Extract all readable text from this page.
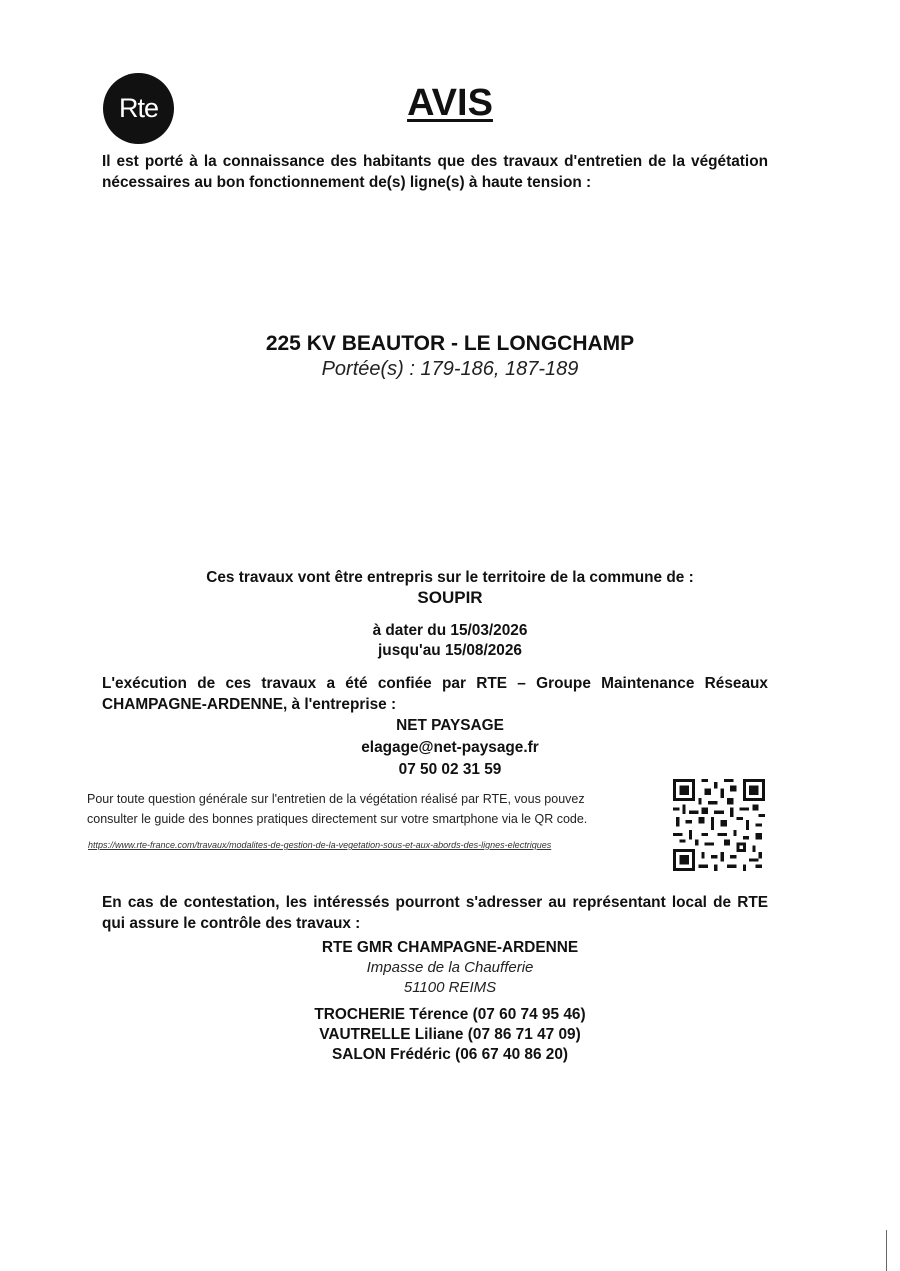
Rte	AVIS
Il est porté à la connaissance des habitants que des travaux d'entretien de la végétation nécessaires au bon fonctionnement de(s) ligne(s) à haute tension :
225 KV BEAUTOR - LE LONGCHAMP
Portée(s) : 179-186, 187-189
Ces travaux vont être entrepris sur le territoire de la commune de :
SOUPIR
à dater du 15/03/2026
jusqu'au 15/08/2026
L'exécution de ces travaux a été confiée par RTE – Groupe Maintenance Réseaux CHAMPAGNE-ARDENNE, à l'entreprise :
NET PAYSAGE
elagage@net-paysage.fr
07 50 02 31 59
Pour toute question générale sur l'entretien de la végétation réalisé par RTE, vous pouvez
consulter le guide des bonnes pratiques directement sur votre smartphone via le QR code.
https://www.rte-france.com/travaux/modalites-de-gestion-de-la-vegetation-sous-et-aux-abords-des-lignes-electriques
En cas de contestation, les intéressés pourront s'adresser au représentant local de RTE qui assure le contrôle des travaux :
RTE GMR CHAMPAGNE-ARDENNE
Impasse de la Chaufferie
51100 REIMS
TROCHERIE Térence (07 60 74 95 46)
VAUTRELLE Liliane (07 86 71 47 09)
SALON Frédéric (06 67 40 86 20)
